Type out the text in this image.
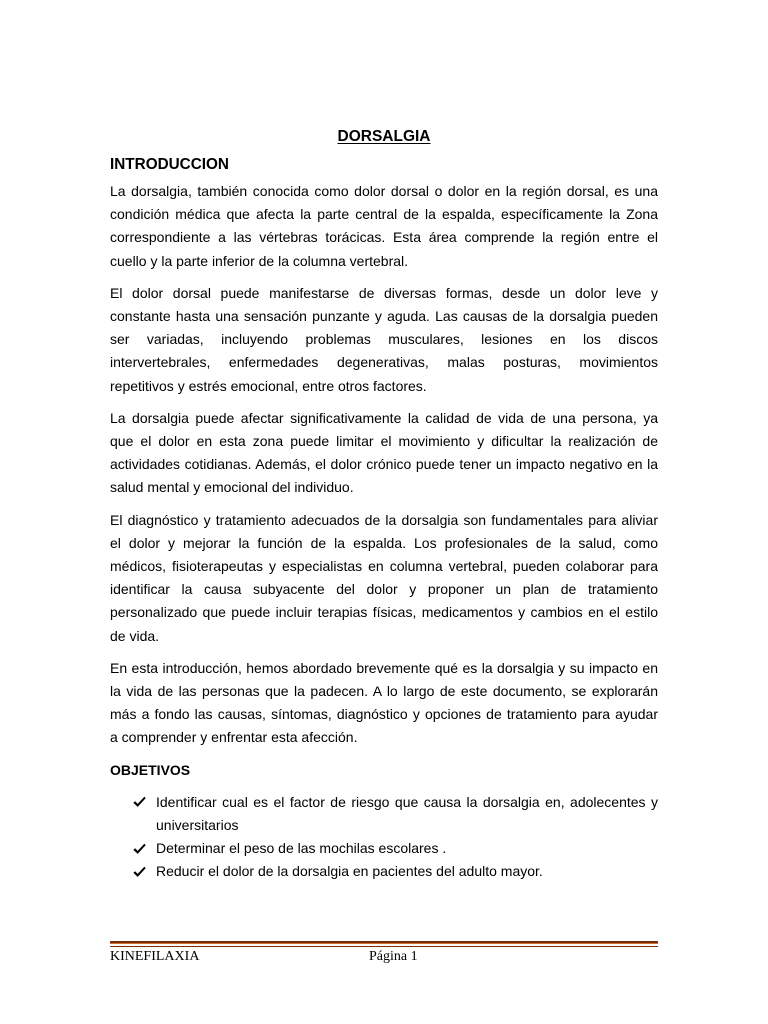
DORSALGIA
INTRODUCCION
La dorsalgia, también conocida como dolor dorsal o dolor en la región dorsal, es una
condición médica que afecta la parte central de la espalda, específicamente la Zona
correspondiente a las vértebras torácicas. Esta área comprende la región entre el
cuello y la parte inferior de la columna vertebral.
El dolor dorsal puede manifestarse de diversas formas, desde un dolor leve y
constante hasta una sensación punzante y aguda. Las causas de la dorsalgia pueden
ser variadas, incluyendo problemas musculares, lesiones en los discos
intervertebrales, enfermedades degenerativas, malas posturas, movimientos
repetitivos y estrés emocional, entre otros factores.
La dorsalgia puede afectar significativamente la calidad de vida de una persona, ya
que el dolor en esta zona puede limitar el movimiento y dificultar la realización de
actividades cotidianas. Además, el dolor crónico puede tener un impacto negativo en la
salud mental y emocional del individuo.
El diagnóstico y tratamiento adecuados de la dorsalgia son fundamentales para aliviar
el dolor y mejorar la función de la espalda. Los profesionales de la salud, como
médicos, fisioterapeutas y especialistas en columna vertebral, pueden colaborar para
identificar la causa subyacente del dolor y proponer un plan de tratamiento
personalizado que puede incluir terapias físicas, medicamentos y cambios en el estilo
de vida.
En esta introducción, hemos abordado brevemente qué es la dorsalgia y su impacto en
la vida de las personas que la padecen. A lo largo de este documento, se explorarán
más a fondo las causas, síntomas, diagnóstico y opciones de tratamiento para ayudar
a comprender y enfrentar esta afección.
OBJETIVOS
Identificar cual es el factor de riesgo que causa la dorsalgia en, adolecentes y
universitarios
Determinar el peso de las mochilas escolares .
Reducir el dolor de la dorsalgia en pacientes del adulto mayor.
KINEFILAXIA	Página 1
